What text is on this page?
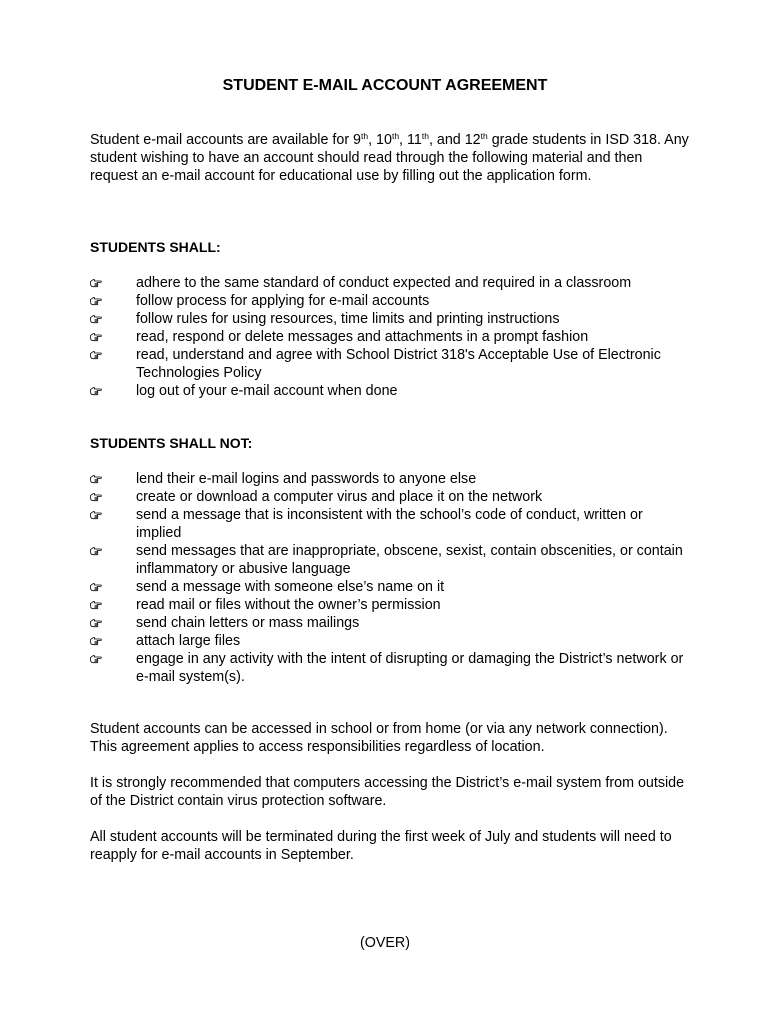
STUDENT E-MAIL ACCOUNT AGREEMENT

Student e-mail accounts are available for 9th, 10th, 11th, and 12th grade students in ISD 318. Any student wishing to have an account should read through the following material and then request an e-mail account for educational use by filling out the application form.

STUDENTS SHALL:
adhere to the same standard of conduct expected and required in a classroom
follow process for applying for e-mail accounts
follow rules for using resources, time limits and printing instructions
read, respond or delete messages and attachments in a prompt fashion
read, understand and agree with School District 318's Acceptable Use of Electronic Technologies Policy
log out of your e-mail account when done
STUDENTS SHALL NOT:
lend their e-mail logins and passwords to anyone else
create or download a computer virus and place it on the network
send a message that is inconsistent with the school’s code of conduct, written or implied
send messages that are inappropriate, obscene, sexist, contain obscenities, or contain inflammatory or abusive language
send a message with someone else’s name on it
read mail or files without the owner’s permission
send chain letters or mass mailings
attach large files
engage in any activity with the intent of disrupting or damaging the District’s network or e-mail system(s).

Student accounts can be accessed in school or from home (or via any network connection). This agreement applies to access responsibilities regardless of location.

It is strongly recommended that computers accessing the District’s e-mail system from outside of the District contain virus protection software.

All student accounts will be terminated during the first week of July and students will need to reapply for e-mail accounts in September.

(OVER)
